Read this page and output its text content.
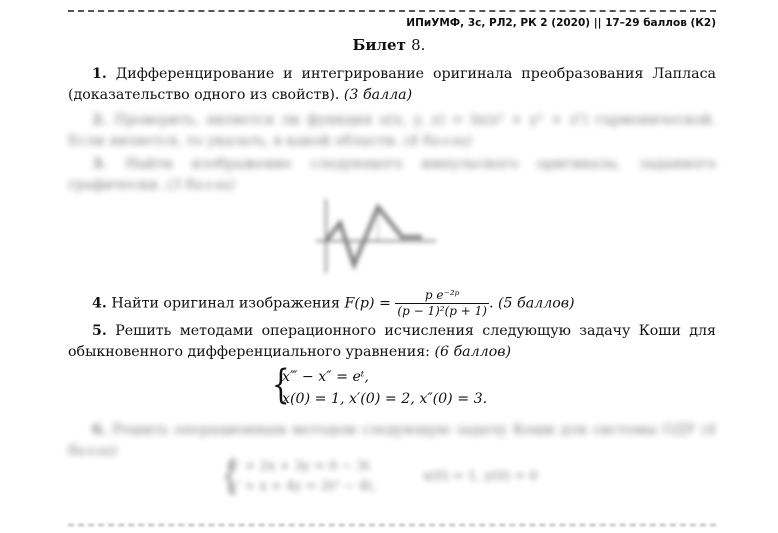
ИПиУМФ, 3с, РЛ2, РК 2 (2020) || 17–29 баллов (К2)
Билет 8.
1. Дифференцирование и интегрирование оригинала преобразования Лапласа (доказательство одного из свойств). (3 балла)
2. Проверить, является ли функция u(x, y, z) = ln(x² + y² + z²) гармонической. Если является, то указать, в какой области. (4 балла)
3. Найти изображение следующего импульсного оригинала, заданного графически. (3 балла)
4. Найти оригинал изображения $F(p) = \frac{\text{p e⁻²ᵖ}}{\text{(p − 1)²(p + 1)}}$ . (5 баллов)
5. Решить методами операционного исчисления следующую задачу Коши для обыкновенного дифференциального уравнения: (6 баллов)
{
x‴ − x″ = eᵗ,
x(0) = 1, x′(0) = 2, x″(0) = 3.
6. Решить операционным методом следующую задачу Коши для системы ОДУ (4 балла)
{
x′ + 2x + 3y = 0 − 3t
y′ + x + 4y = 2t² − 4t,
x(0) = 1, y(0) = 0
